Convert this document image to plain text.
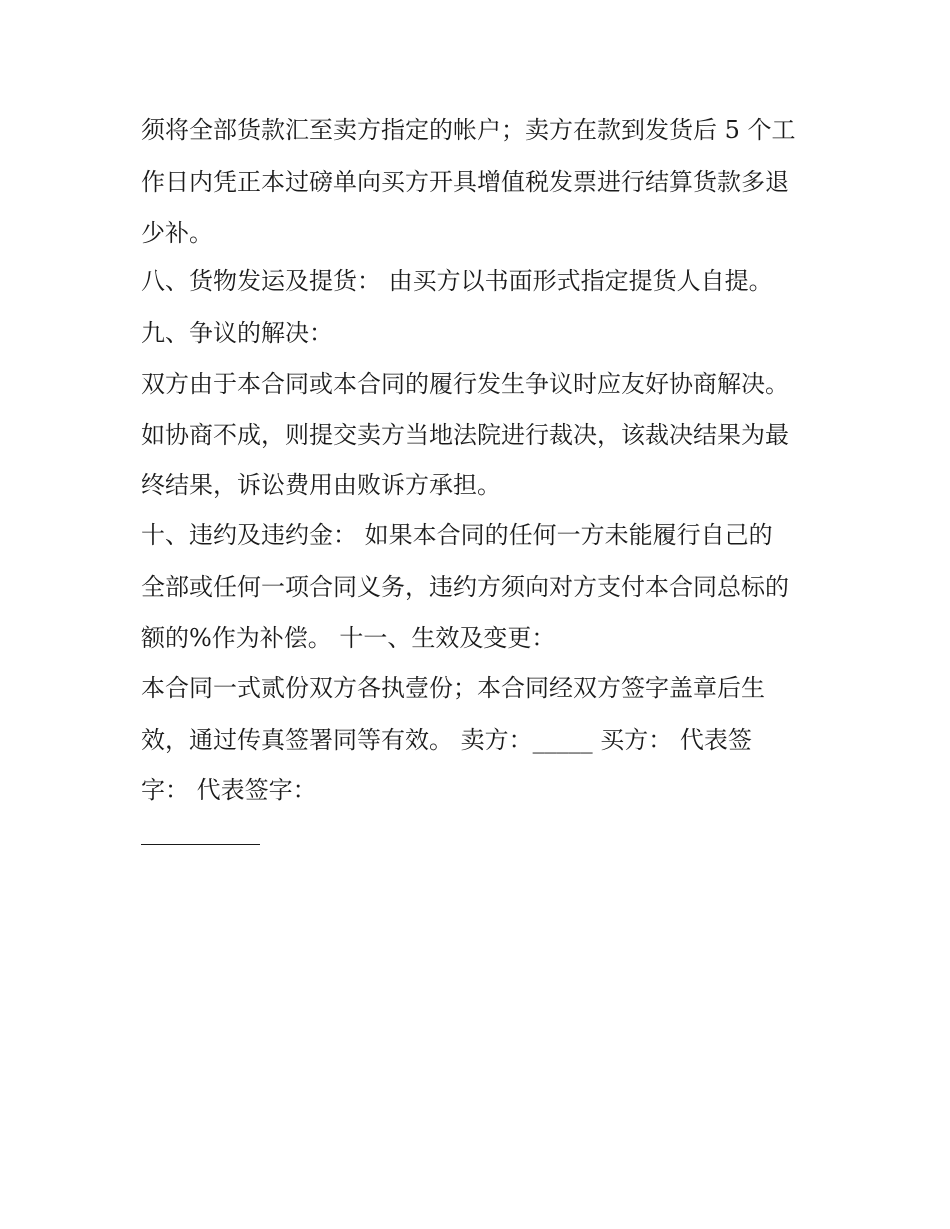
须将全部货款汇至卖方指定的帐户；卖方在款到发货后 5 个工
作日内凭正本过磅单向买方开具增值税发票进行结算货款多退
少补。
八、货物发运及提货： 由买方以书面形式指定提货人自提。
九、争议的解决：
双方由于本合同或本合同的履行发生争议时应友好协商解决。
如协商不成，则提交卖方当地法院进行裁决，该裁决结果为最
终结果，诉讼费用由败诉方承担。
十、违约及违约金： 如果本合同的任何一方未能履行自己的
全部或任何一项合同义务，违约方须向对方支付本合同总标的
额的%作为补偿。 十一、生效及变更：
本合同一式贰份双方各执壹份；本合同经双方签字盖章后生
效，通过传真签署同等有效。 卖方：_____ 买方： 代表签
字： 代表签字：
